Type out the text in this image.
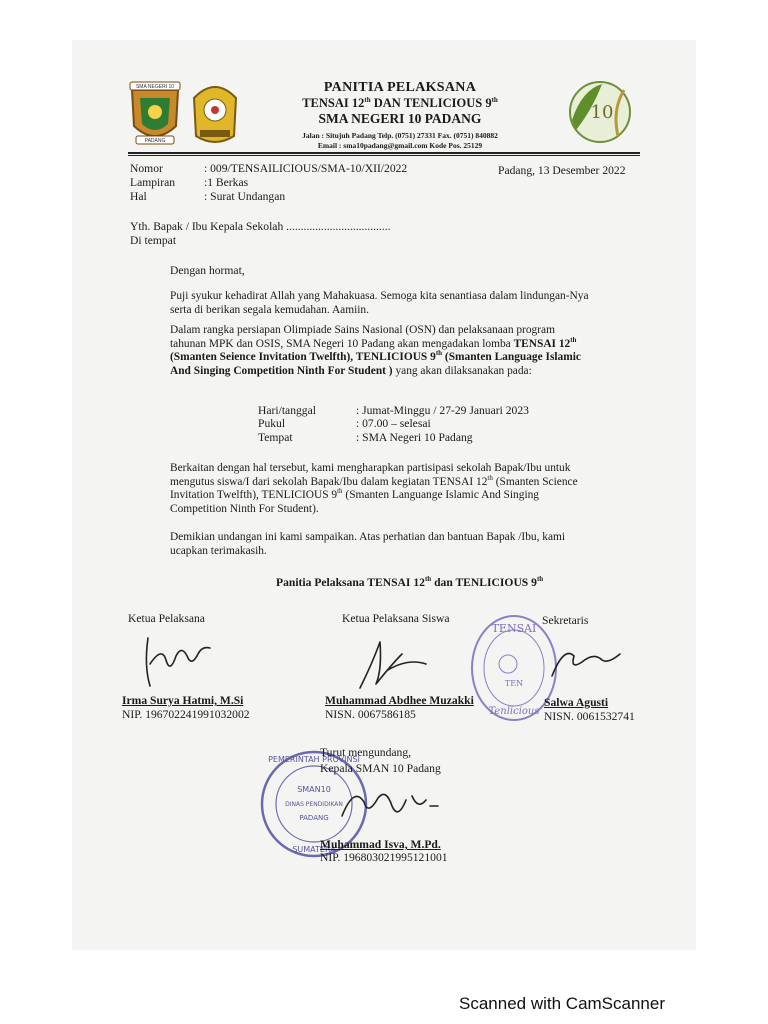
SMA NEGERI 10
PADANG
PANITIA PELAKSANA
TENSAI 12th DAN TENLICIOUS 9th
SMA NEGERI 10 PADANG
Jalan : Situjuh Padang Telp. (0751) 27331 Fax. (0751) 840882
Email : sma10padang@gmail.com Kode Pos. 25129
10
Nomor	: 009/TENSAILICIOUS/SMA-10/XII/2022
Lampiran :1 Berkas
Hal	: Surat Undangan
Padang, 13 Desember 2022
Yth. Bapak / Ibu Kepala Sekolah ....................................
Di tempat
Dengan hormat,
Puji syukur kehadirat Allah yang Mahakuasa. Semoga kita senantiasa dalam lindungan-Nya
serta di berikan segala kemudahan. Aamiin.
Dalam rangka persiapan Olimpiade Sains Nasional (OSN) dan pelaksanaan program
tahunan MPK dan OSIS, SMA Negeri 10 Padang akan mengadakan lomba TENSAI 12th
(Smanten Seience Invitation Twelfth), TENLICIOUS 9th (Smanten Language Islamic
And Singing Competition Ninth For Student ) yang akan dilaksanakan pada:
Hari/tanggal	: Jumat-Minggu / 27-29 Januari 2023
Pukul	: 07.00 – selesai
Tempat	: SMA Negeri 10 Padang
Berkaitan dengan hal tersebut, kami mengharapkan partisipasi sekolah Bapak/Ibu untuk
mengutus siswa/I dari sekolah Bapak/Ibu dalam kegiatan TENSAI 12th (Smanten Science
Invitation Twelfth), TENLICIOUS 9th (Smanten Languange Islamic And Singing
Competition Ninth For Student).
Demikian undangan ini kami sampaikan. Atas perhatian dan bantuan Bapak /Ibu, kami
ucapkan terimakasih.
Panitia Pelaksana TENSAI 12th dan TENLICIOUS 9th
TENSAI
TEN
Tenlicious
Ketua Pelaksana	Ketua Pelaksana Siswa	Sekretaris
Irma Surya Hatmi, M.Si
NIP. 196702241991032002
Muhammad Abdhee Muzakki
NISN. 0067586185
Salwa Agusti
NISN. 0061532741
PEMERINTAH PROVINSI
SUMATERA
SMAN10
DINAS PENDIDIKAN
PADANG
Turut mengundang,
Kepala SMAN 10 Padang
Muhammad Isva, M.Pd.
NIP. 196803021995121001
Scanned with CamScanner
